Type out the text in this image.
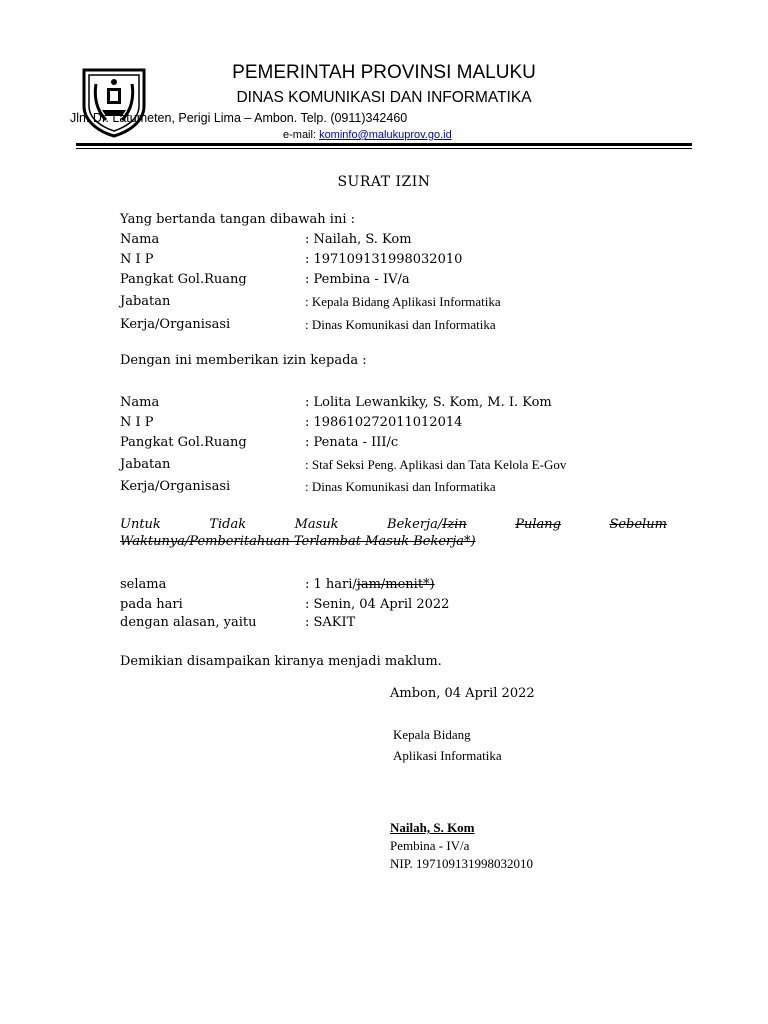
PEMERINTAH PROVINSI MALUKU
DINAS KOMUNIKASI DAN INFORMATIKA
Jln. Dr. Latumeten, Perigi Lima – Ambon. Telp. (0911)342460
e-mail: kominfo@malukuprov.go.id
SURAT IZIN
Yang bertanda tangan dibawah ini :
Nama	: Nailah, S. Kom
N I P	: 197109131998032010
Pangkat Gol.Ruang	: Pembina - IV/a
Jabatan	: Kepala Bidang Aplikasi Informatika
Kerja/Organisasi	: Dinas Komunikasi dan Informatika
Dengan ini memberikan izin kepada :
Nama	: Lolita Lewankiky, S. Kom, M. I. Kom
N I P	: 198610272011012014
Pangkat Gol.Ruang	: Penata - III/c
Jabatan	: Staf Seksi Peng. Aplikasi dan Tata Kelola E-Gov
Kerja/Organisasi	: Dinas Komunikasi dan Informatika
Untuk	Tidak	Masuk	Bekerja/Izin	Pulang	Sebelum
Waktunya/Pemberitahuan Terlambat Masuk Bekerja*)
selama	: 1 hari/jam/menit*)
pada hari	: Senin, 04 April 2022
dengan alasan, yaitu	: SAKIT
Demikian disampaikan kiranya menjadi maklum.
Ambon, 04 April 2022
Kepala Bidang
Aplikasi Informatika
Nailah, S. Kom
Pembina - IV/a
NIP. 197109131998032010
